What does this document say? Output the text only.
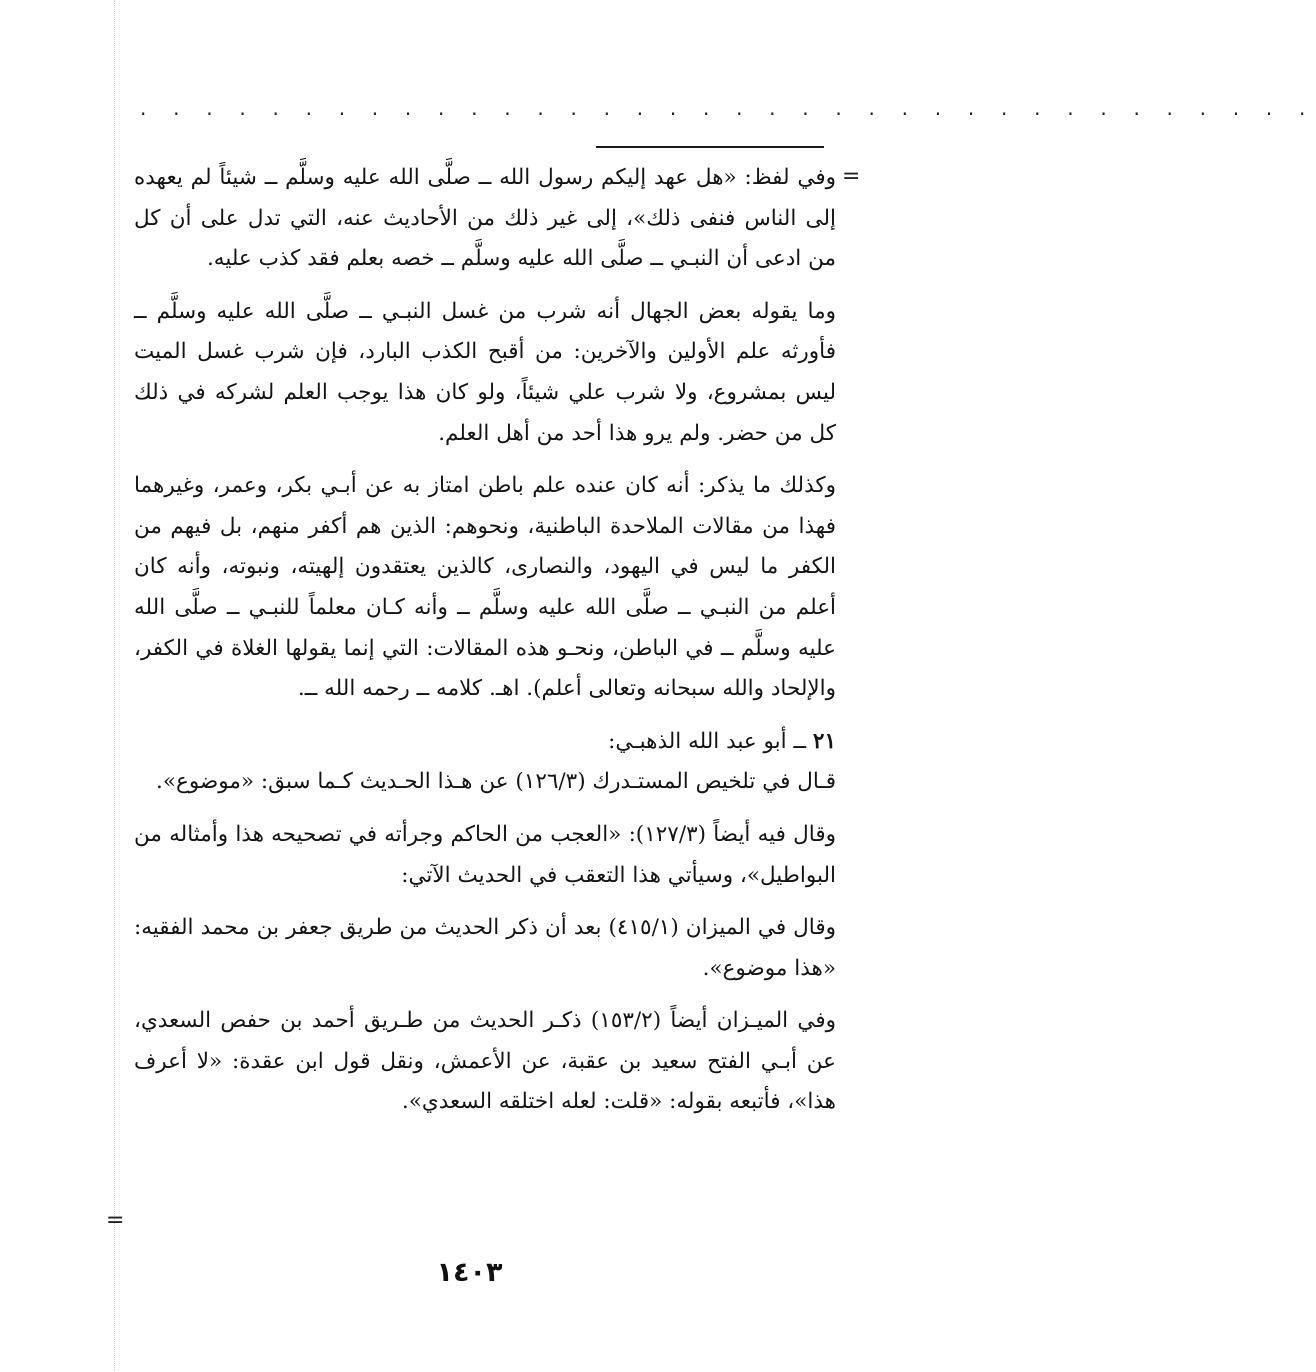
. . . . . . . . . . . . . . . . . . . . . . . . . . . . . . . . . . . .
=

وفي لفظ: «هل عهد إليكم رسول الله ــ صلَّى الله عليه وسلَّم ــ شيئاً لم يعهده إلى الناس فنفى ذلك»، إلى غير ذلك من الأحاديث عنه، التي تدل على أن كل من ادعى أن النبـي ــ صلَّى الله عليه وسلَّم ــ خصه بعلم فقد كذب عليه.

وما يقوله بعض الجهال أنه شرب من غسل النبـي ــ صلَّى الله عليه وسلَّم ــ فأورثه علم الأولين والآخرين: من أقبح الكذب البارد، فإن شرب غسل الميت ليس بمشروع، ولا شرب علي شيئاً، ولو كان هذا يوجب العلم لشركه في ذلك كل من حضر. ولم يرو هذا أحد من أهل العلم.

وكذلك ما يذكر: أنه كان عنده علم باطن امتاز به عن أبـي بكر، وعمر، وغيرهما فهذا من مقالات الملاحدة الباطنية، ونحوهم: الذين هم أكفر منهم، بل فيهم من الكفر ما ليس في اليهود، والنصارى، كالذين يعتقدون إلهيته، ونبوته، وأنه كان أعلم من النبـي ــ صلَّى الله عليه وسلَّم ــ وأنه كـان معلماً للنبـي ــ صلَّى الله عليه وسلَّم ــ في الباطن، ونحـو هذه المقالات: التي إنما يقولها الغلاة في الكفر، والإلحاد والله سبحانه وتعالى أعلم). اهـ. كلامه ــ رحمه الله ــ.

٢١ ــ أبو عبد الله الذهبـي:

قـال في تلخيص المستـدرك (١٢٦/٣) عن هـذا الحـديث كـما سبق: «موضوع».

وقال فيه أيضاً (١٢٧/٣): «العجب من الحاكم وجرأته في تصحيحه هذا وأمثاله من البواطيل»، وسيأتي هذا التعقب في الحديث الآتي:

وقال في الميزان (٤١٥/١) بعد أن ذكر الحديث من طريق جعفر بن محمد الفقيه: «هذا موضوع».

وفي الميـزان أيضاً (١٥٣/٢) ذكـر الحديث من طـريق أحمد بن حفص السعدي، عن أبـي الفتح سعيد بن عقبة، عن الأعمش، ونقل قول ابن عقدة: «لا أعرف هذا»، فأتبعه بقوله: «قلت: لعله اختلقه السعدي».

=
١٤٠٣
